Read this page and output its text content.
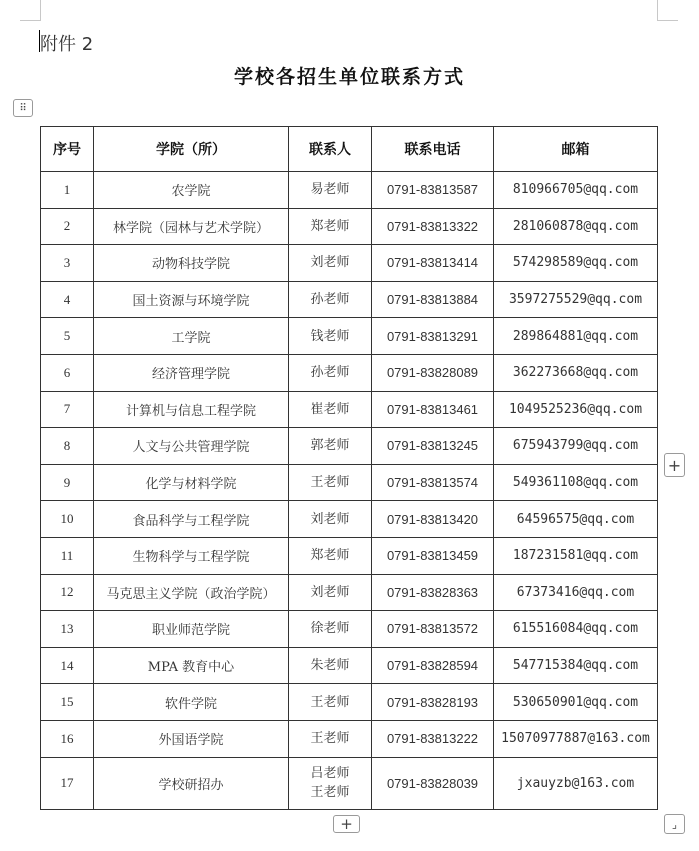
附件 2
学校各招生单位联系方式
⠿
序号	学院（所）	联系人	联系电话	邮箱
1	农学院	易老师	0791-83813587	810966705@qq.com
2	林学院（园林与艺术学院）	郑老师	0791-83813322	281060878@qq.com
3	动物科技学院	刘老师	0791-83813414	574298589@qq.com
4	国土资源与环境学院	孙老师	0791-83813884	3597275529@qq.com
5	工学院	钱老师	0791-83813291	289864881@qq.com
6	经济管理学院	孙老师	0791-83828089	362273668@qq.com
7	计算机与信息工程学院	崔老师	0791-83813461	1049525236@qq.com
8	人文与公共管理学院	郭老师	0791-83813245	675943799@qq.com
9	化学与材料学院	王老师	0791-83813574	549361108@qq.com
10	食品科学与工程学院	刘老师	0791-83813420	64596575@qq.com
11	生物科学与工程学院	郑老师	0791-83813459	187231581@qq.com
12	马克思主义学院（政治学院）	刘老师	0791-83828363	67373416@qq.com
13	职业师范学院	徐老师	0791-83813572	615516084@qq.com
14	MPA 教育中心	朱老师	0791-83828594	547715384@qq.com
15	软件学院	王老师	0791-83828193	530650901@qq.com
16	外国语学院	王老师	0791-83813222	15070977887@163.com
17	学校研招办	吕老师
王老师	0791-83828039	jxauyzb@163.com
+
+	⌟
